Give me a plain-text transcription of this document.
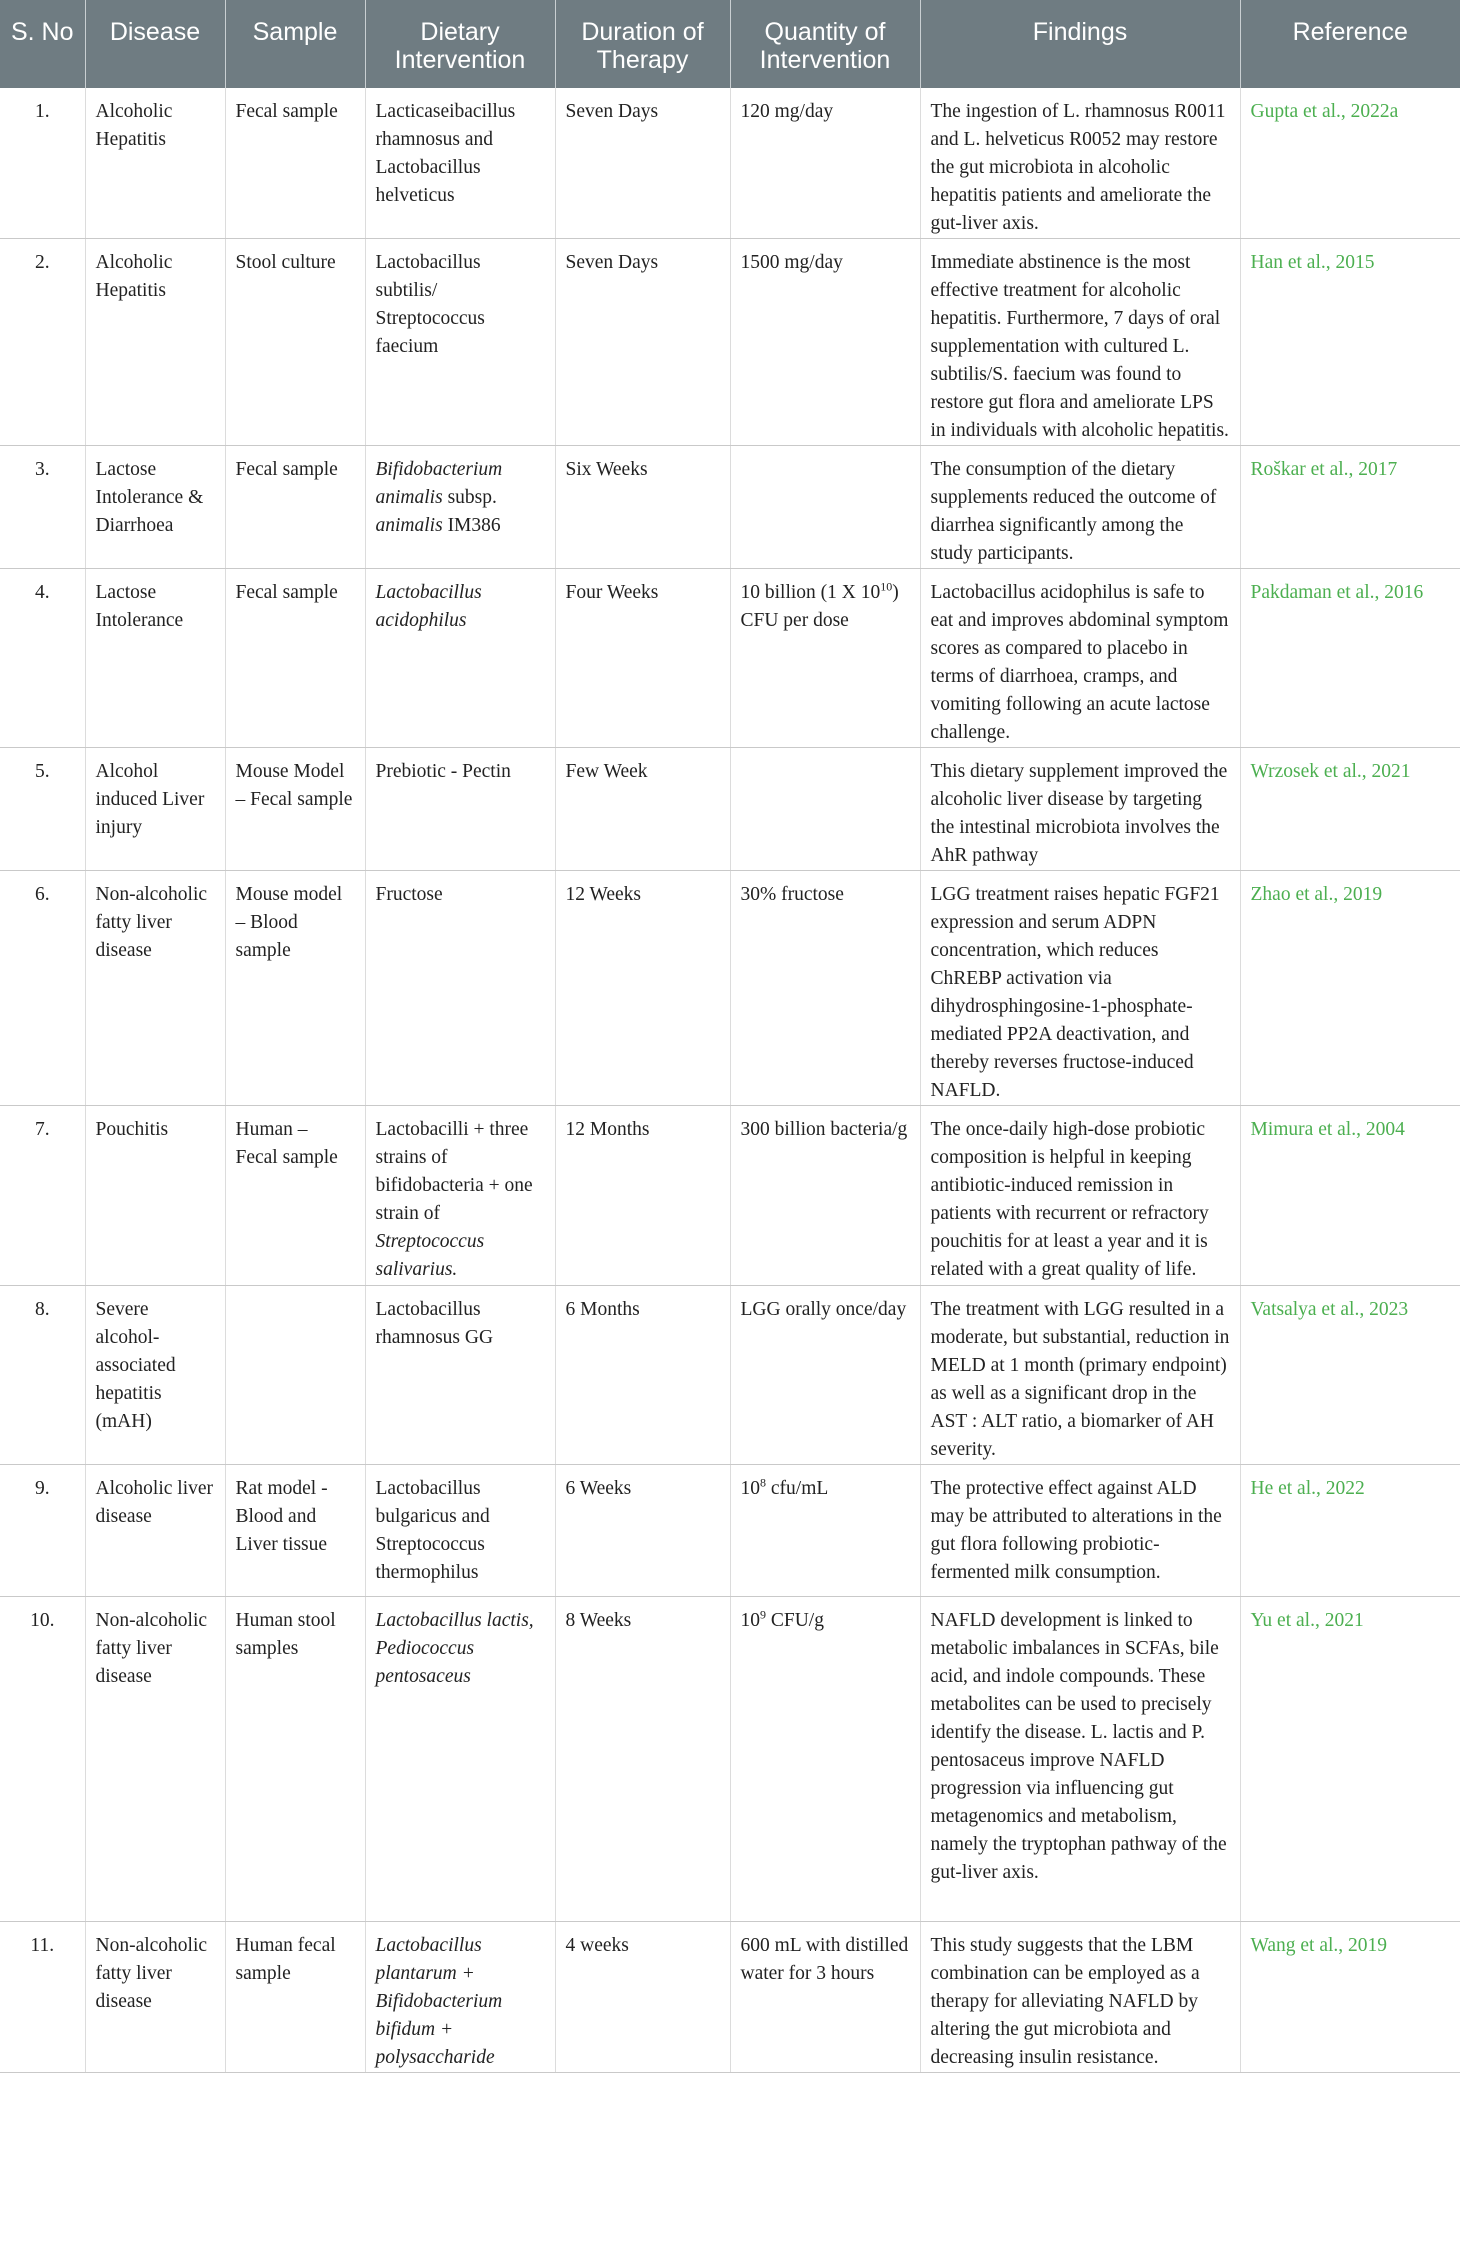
S. No	Disease	Sample	Dietary Intervention	Duration of Therapy	Quantity of Intervention	Findings	Reference
1.	Alcoholic Hepatitis	Fecal sample	Lacticaseibacillus rhamnosus and Lactobacillus helveticus	Seven Days	120 mg/day	The ingestion of L. rhamnosus R0011 and L. helveticus R0052 may restore the gut microbiota in alcoholic hepatitis patients and ameliorate the gut-liver axis.	Gupta et al., 2022a
2.	Alcoholic Hepatitis	Stool culture	Lactobacillus subtilis/ Streptococcus faecium	Seven Days	1500 mg/day	Immediate abstinence is the most effective treatment for alcoholic hepatitis. Furthermore, 7 days of oral supplementation with cultured L. subtilis/S. faecium was found to restore gut flora and ameliorate LPS in individuals with alcoholic hepatitis.	Han et al., 2015
3.	Lactose Intolerance & Diarrhoea	Fecal sample	Bifidobacterium animalis subsp. animalis IM386	Six Weeks		The consumption of the dietary supplements reduced the outcome of diarrhea significantly among the study participants.	Roškar et al., 2017
4.	Lactose Intolerance	Fecal sample	Lactobacillus acidophilus	Four Weeks	10 billion (1 X $10^{10}$) CFU per dose	Lactobacillus acidophilus is safe to eat and improves abdominal symptom scores as compared to placebo in terms of diarrhoea, cramps, and vomiting following an acute lactose challenge.	Pakdaman et al., 2016
5.	Alcohol induced Liver injury	Mouse Model – Fecal sample	Prebiotic - Pectin	Few Week		This dietary supplement improved the alcoholic liver disease by targeting the intestinal microbiota involves the AhR pathway	Wrzosek et al., 2021
6.	Non-alcoholic fatty liver disease	Mouse model – Blood sample	Fructose	12 Weeks	30% fructose	LGG treatment raises hepatic FGF21 expression and serum ADPN concentration, which reduces ChREBP activation via dihydrosphingosine-1-phosphate-mediated PP2A deactivation, and thereby reverses fructose-induced NAFLD.	Zhao et al., 2019
7.	Pouchitis	Human – Fecal sample	Lactobacilli + three strains of bifidobacteria + one strain of Streptococcus salivarius.	12 Months	300 billion bacteria/g	The once-daily high-dose probiotic composition is helpful in keeping antibiotic-induced remission in patients with recurrent or refractory pouchitis for at least a year and it is related with a great quality of life.	Mimura et al., 2004
8.	Severe alcohol-associated hepatitis (mAH)		Lactobacillus rhamnosus GG	6 Months	LGG orally once/day	The treatment with LGG resulted in a moderate, but substantial, reduction in MELD at 1 month (primary endpoint) as well as a significant drop in the AST : ALT ratio, a biomarker of AH severity.	Vatsalya et al., 2023
9.	Alcoholic liver disease	Rat model - Blood and Liver tissue	Lactobacillus bulgaricus and Streptococcus thermophilus	6 Weeks	$10^8$ cfu/mL	The protective effect against ALD may be attributed to alterations in the gut flora following probiotic-fermented milk consumption.	He et al., 2022
10.	Non-alcoholic fatty liver disease	Human stool samples	Lactobacillus lactis, Pediococcus pentosaceus	8 Weeks	$10^9$ CFU/g	NAFLD development is linked to metabolic imbalances in SCFAs, bile acid, and indole compounds. These metabolites can be used to precisely identify the disease. L. lactis and P. pentosaceus improve NAFLD progression via influencing gut metagenomics and metabolism, namely the tryptophan pathway of the gut-liver axis.	Yu et al., 2021
11.	Non-alcoholic fatty liver disease	Human fecal sample	Lactobacillus plantarum + Bifidobacterium bifidum + polysaccharide	4 weeks	600 mL with distilled water for 3 hours	This study suggests that the LBM combination can be employed as a therapy for alleviating NAFLD by altering the gut microbiota and decreasing insulin resistance.	Wang et al., 2019
